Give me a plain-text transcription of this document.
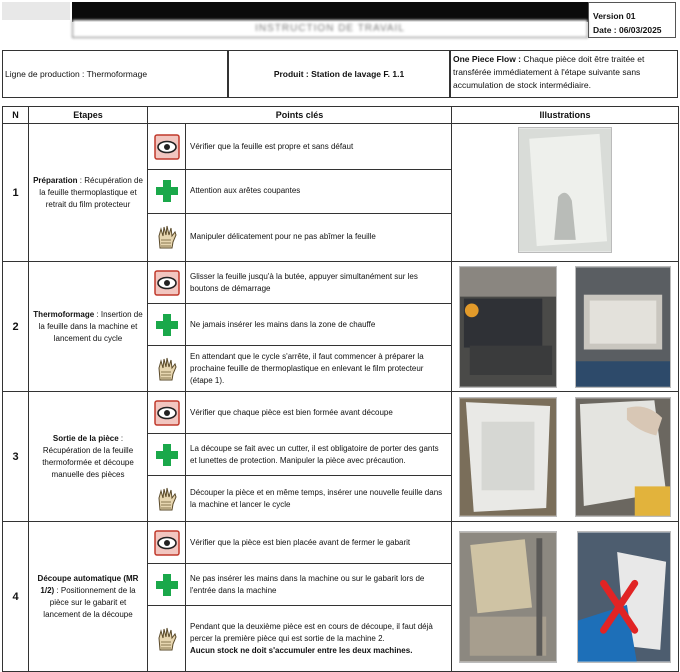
INSTRUCTION DE TRAVAIL
Version 01
Date : 06/03/2025
Ligne de production : Thermoformage	Produit : Station de lavage F. 1.1
One Piece Flow : Chaque pièce doit être traitée et transférée immédiatement à l'étape suivante sans accumulation de stock intermédiaire.
N	Etapes	Points clés		Illustrations
1	Préparation : Récupération de la feuille thermoplastique et retrait du film protecteur		Vérifier que la feuille est propre et sans défaut	
	Attention aux arêtes coupantes	
	Manipuler délicatement pour ne pas abîmer la feuille	
2	Thermoformage : Insertion de la feuille dans la machine et lancement du cycle		Glisser la feuille jusqu'à la butée, appuyer simultanément sur les boutons de démarrage	

	Ne jamais insérer les mains dans la zone de chauffe	
	En attendant que le cycle s'arrête, il faut commencer à préparer la prochaine feuille de thermoplastique en enlevant le film protecteur (étape 1).	
3	Sortie de la pièce : Récupération de la feuille thermoformée et découpe manuelle des pièces		Vérifier que chaque pièce est bien formée avant découpe	

	La découpe se fait avec un cutter, il est obligatoire de porter des gants et lunettes de protection. Manipuler la pièce avec précaution.	
	Découper la pièce et en même temps, insérer une nouvelle feuille dans la machine et lancer le cycle	
4	Découpe automatique (MR 1/2) : Positionnement de la pièce sur le gabarit et lancement de la découpe		Vérifier que la pièce est bien placée avant de fermer le gabarit	

	Ne pas insérer les mains dans la machine ou sur le gabarit lors de l'entrée dans la machine	
	Pendant que la deuxième pièce est en cours de découpe, il faut déjà percer la première pièce qui est sortie de la machine 2.
Aucun stock ne doit s'accumuler entre les deux machines.	
